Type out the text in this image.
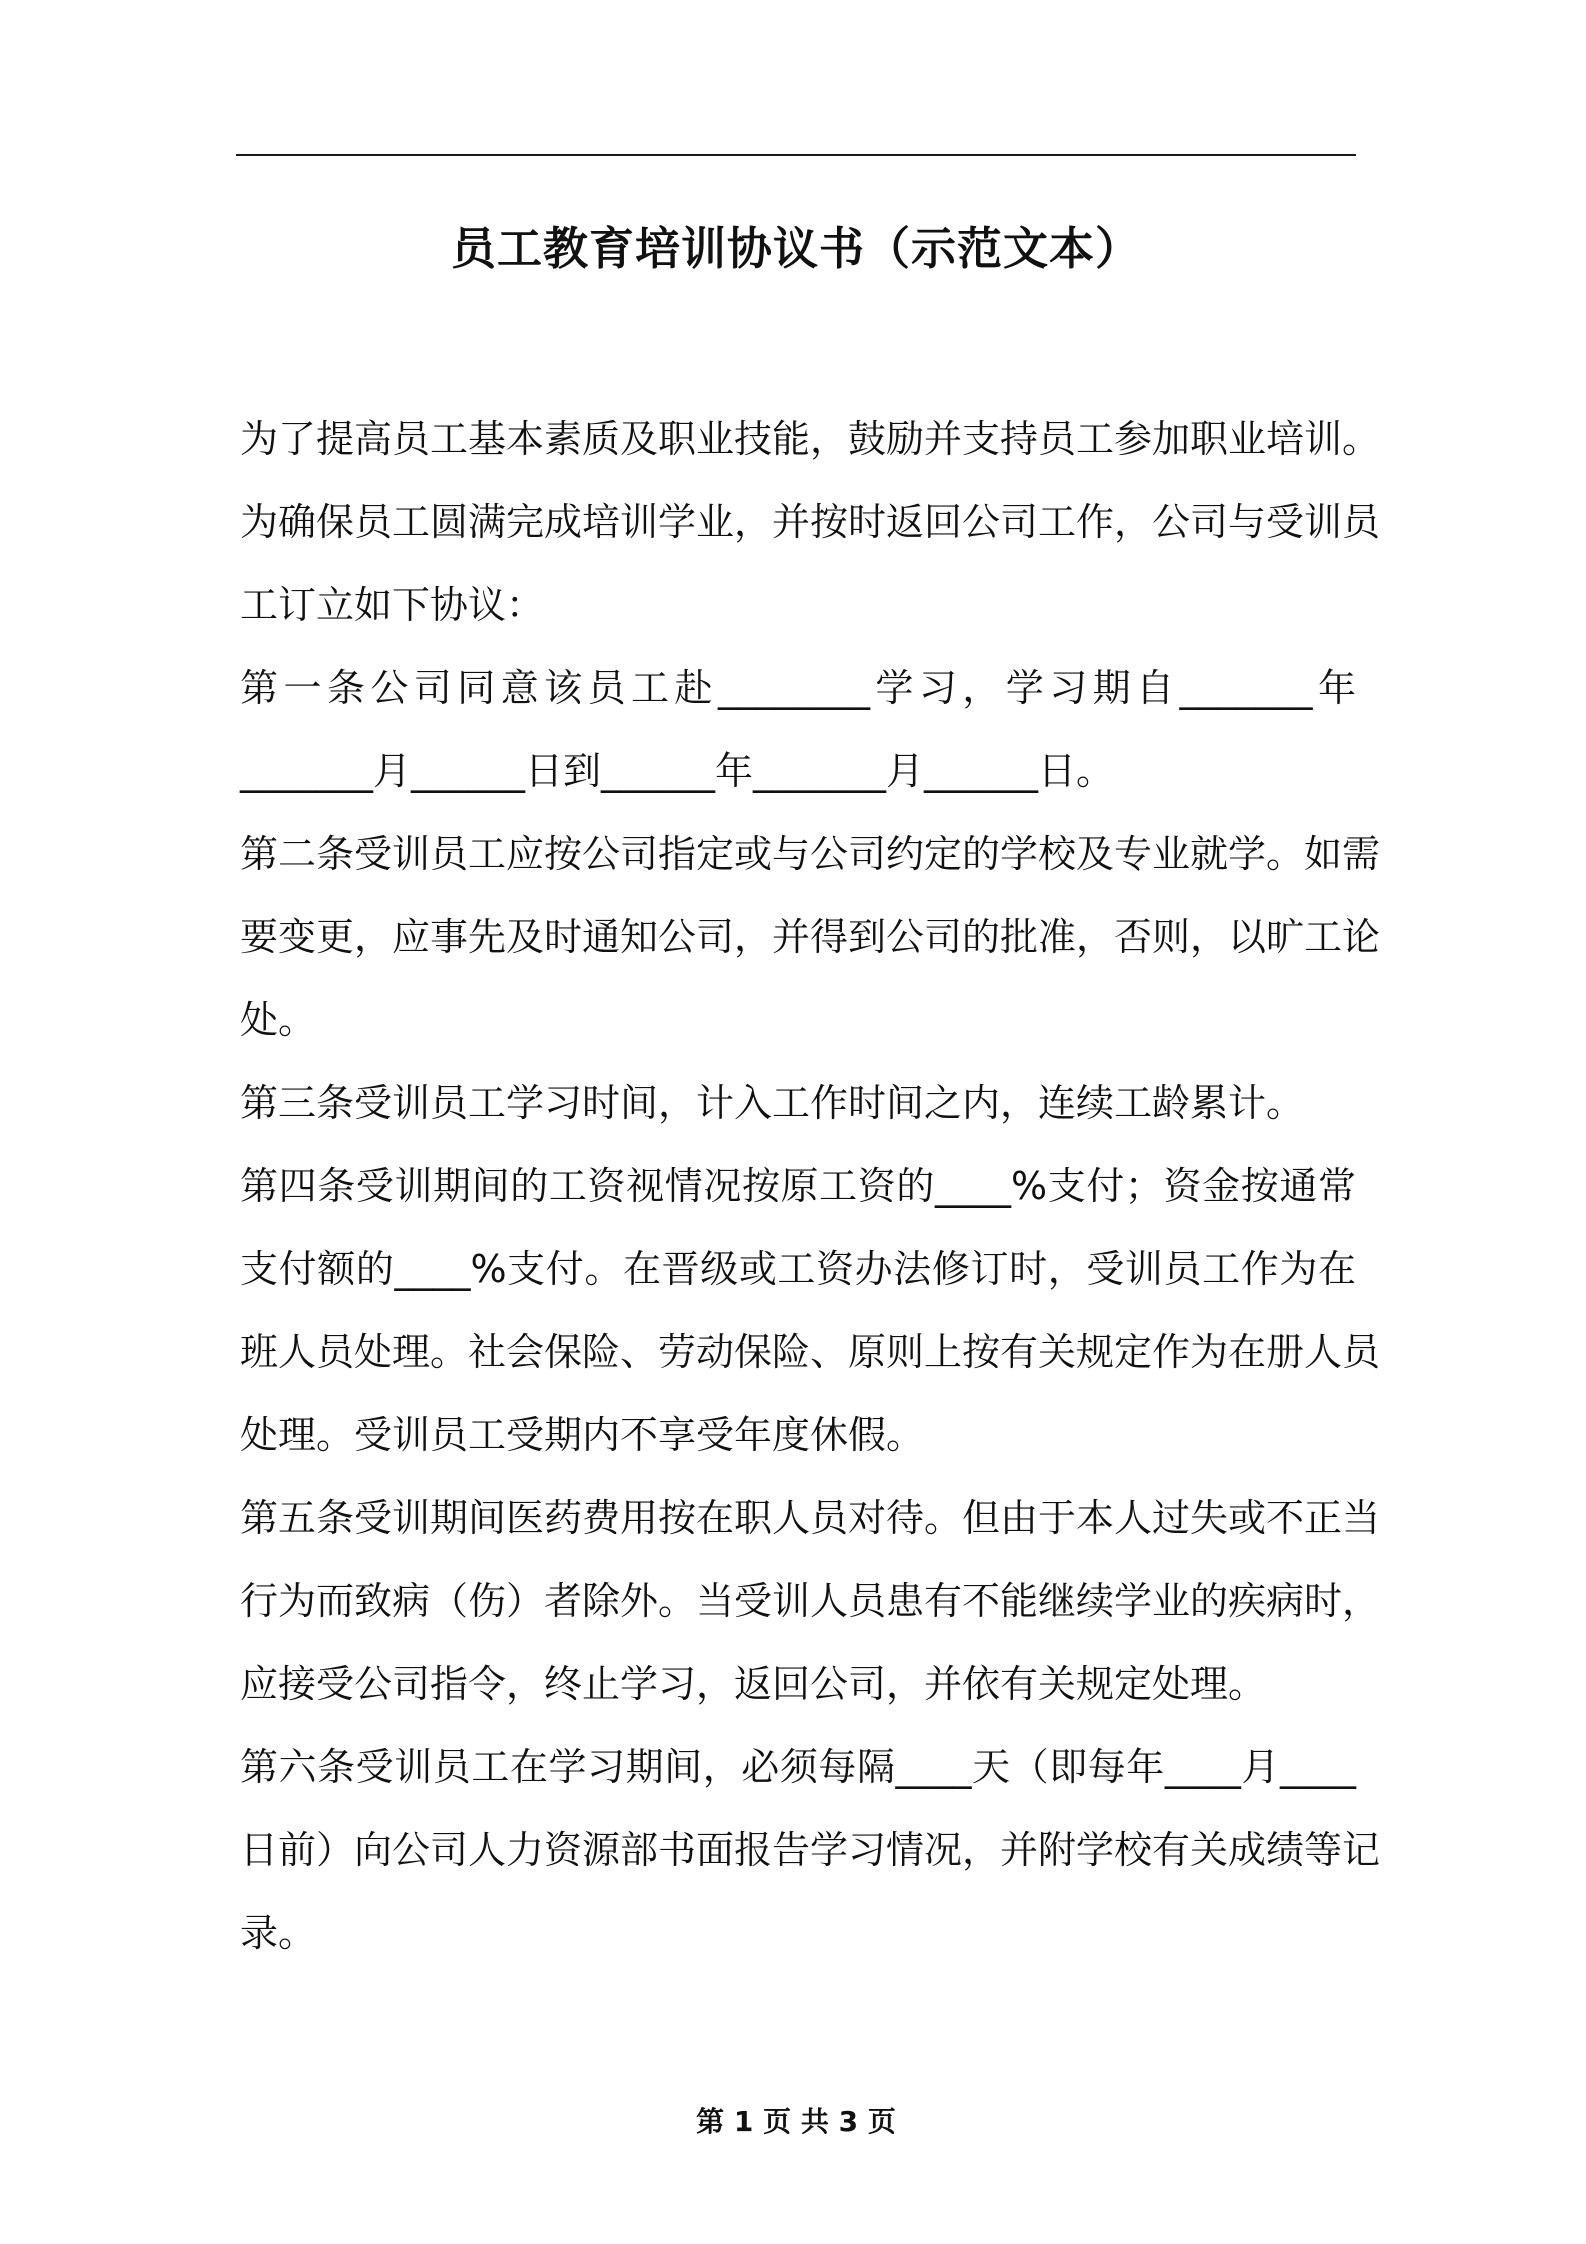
员工教育培训协议书（示范文本）

为了提高员工基本素质及职业技能，鼓励并支持员工参加职业培训。

为确保员工圆满完成培训学业，并按时返回公司工作，公司与受训员

工订立如下协议：

第一条公司同意该员工赴________学习，学习期自_______年

_______月______日到______年_______月______日。

第二条受训员工应按公司指定或与公司约定的学校及专业就学。如需

要变更，应事先及时通知公司，并得到公司的批准，否则，以旷工论

处。

第三条受训员工学习时间，计入工作时间之内，连续工龄累计。

第四条受训期间的工资视情况按原工资的____%支付；资金按通常

支付额的____%支付。在晋级或工资办法修订时，受训员工作为在

班人员处理。社会保险、劳动保险、原则上按有关规定作为在册人员

处理。受训员工受期内不享受年度休假。

第五条受训期间医药费用按在职人员对待。但由于本人过失或不正当

行为而致病（伤）者除外。当受训人员患有不能继续学业的疾病时，

应接受公司指令，终止学习，返回公司，并依有关规定处理。

第六条受训员工在学习期间，必须每隔____天（即每年____月____

日前）向公司人力资源部书面报告学习情况，并附学校有关成绩等记

录。

第 1 页 共 3 页
